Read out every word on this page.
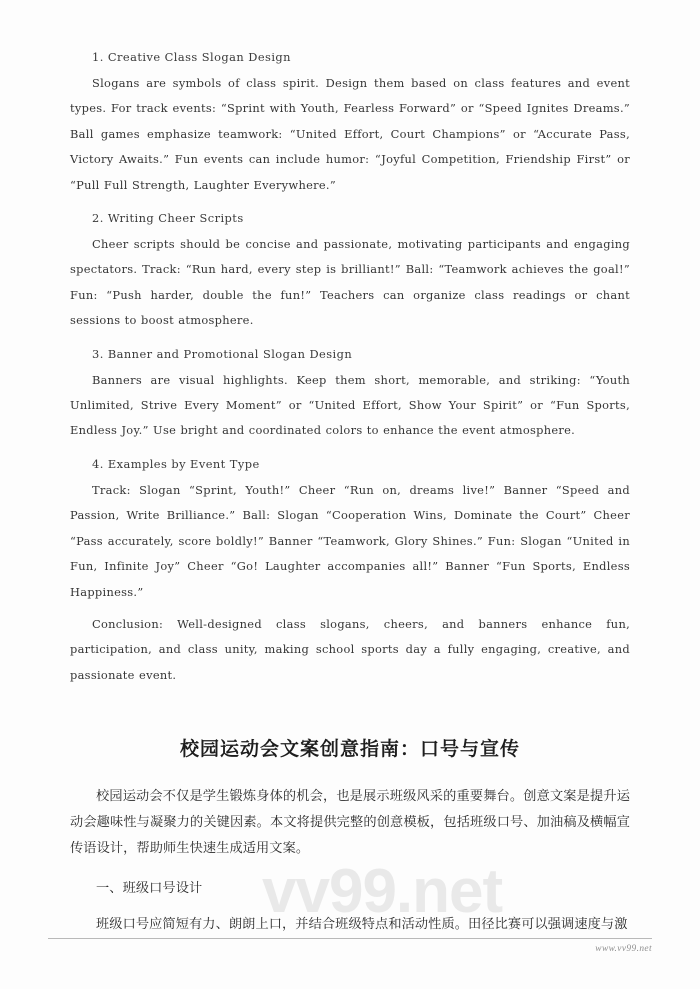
vv99.net

1. Creative Class Slogan Design

Slogans are symbols of class spirit. Design them based on class features and event types. For track events: “Sprint with Youth, Fearless Forward” or “Speed Ignites Dreams.” Ball games emphasize teamwork: “United Effort, Court Champions” or “Accurate Pass, Victory Awaits.” Fun events can include humor: “Joyful Competition, Friendship First” or “Pull Full Strength, Laughter Everywhere.”

2. Writing Cheer Scripts

Cheer scripts should be concise and passionate, motivating participants and engaging spectators. Track: “Run hard, every step is brilliant!” Ball: “Teamwork achieves the goal!” Fun: “Push harder, double the fun!” Teachers can organize class readings or chant sessions to boost atmosphere.

3. Banner and Promotional Slogan Design

Banners are visual highlights. Keep them short, memorable, and striking: “Youth Unlimited, Strive Every Moment” or “United Effort, Show Your Spirit” or “Fun Sports, Endless Joy.” Use bright and coordinated colors to enhance the event atmosphere.

4. Examples by Event Type

Track: Slogan “Sprint, Youth!” Cheer “Run on, dreams live!” Banner “Speed and Passion, Write Brilliance.” Ball: Slogan “Cooperation Wins, Dominate the Court” Cheer “Pass accurately, score boldly!” Banner “Teamwork, Glory Shines.” Fun: Slogan “United in Fun, Infinite Joy” Cheer “Go! Laughter accompanies all!” Banner “Fun Sports, Endless Happiness.”

Conclusion: Well-designed class slogans, cheers, and banners enhance fun, participation, and class unity, making school sports day a fully engaging, creative, and passionate event.

校园运动会文案创意指南：口号与宣传

校园运动会不仅是学生锻炼身体的机会，也是展示班级风采的重要舞台。创意文案是提升运动会趣味性与凝聚力的关键因素。本文将提供完整的创意模板，包括班级口号、加油稿及横幅宣传语设计，帮助师生快速生成适用文案。

一、班级口号设计

班级口号应简短有力、朗朗上口，并结合班级特点和活动性质。田径比赛可以强调速度与激

www.vv99.net
